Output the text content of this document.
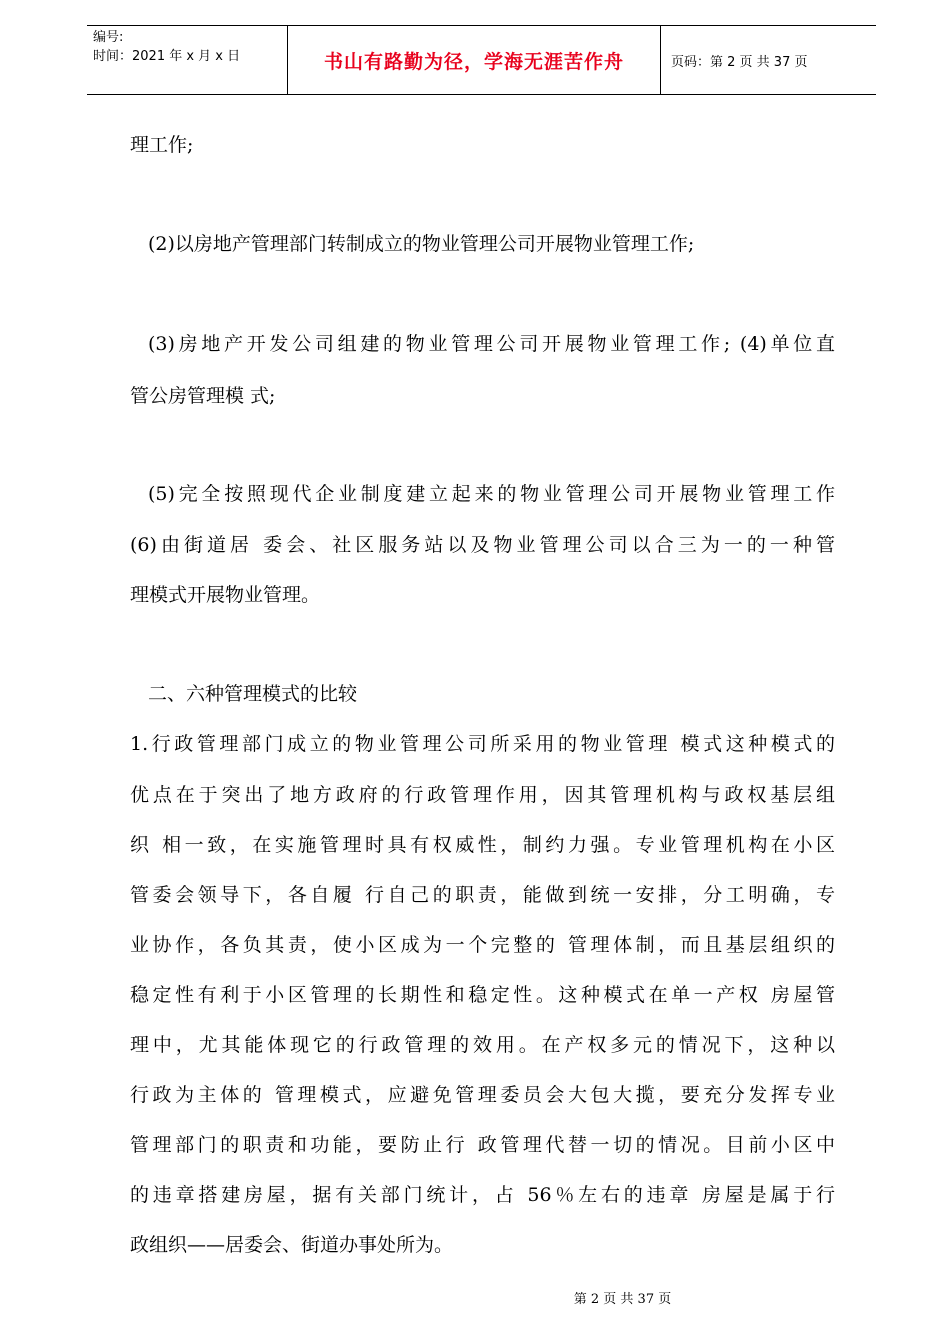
编号:
时间：2021 年 x 月 x 日	书山有路勤为径，学海无涯苦作舟	页码：第 2 页 共 37 页
理工作;
(2)以房地产管理部门转制成立的物业管理公司开展物业管理工作;
(3)房地产开发公司组建的物业管理公司开展物业管理工作; (4)单位直
管公房管理模 式;
(5)完全按照现代企业制度建立起来的物业管理公司开展物业管理工作
(6)由街道居 委会、社区服务站以及物业管理公司以合三为一的一种管
理模式开展物业管理。
二、六种管理模式的比较
1.行政管理部门成立的物业管理公司所采用的物业管理 模式这种模式的
优点在于突出了地方政府的行政管理作用，因其管理机构与政权基层组
织 相一致，在实施管理时具有权威性，制约力强。专业管理机构在小区
管委会领导下，各自履 行自己的职责，能做到统一安排，分工明确，专
业协作，各负其责，使小区成为一个完整的 管理体制，而且基层组织的
稳定性有利于小区管理的长期性和稳定性。这种模式在单一产权 房屋管
理中，尤其能体现它的行政管理的效用。在产权多元的情况下，这种以
行政为主体的 管理模式，应避免管理委员会大包大揽，要充分发挥专业
管理部门的职责和功能，要防止行 政管理代替一切的情况。目前小区中
的违章搭建房屋，据有关部门统计，占 56％左右的违章 房屋是属于行
政组织——居委会、街道办事处所为。
第 2 页 共 37 页
